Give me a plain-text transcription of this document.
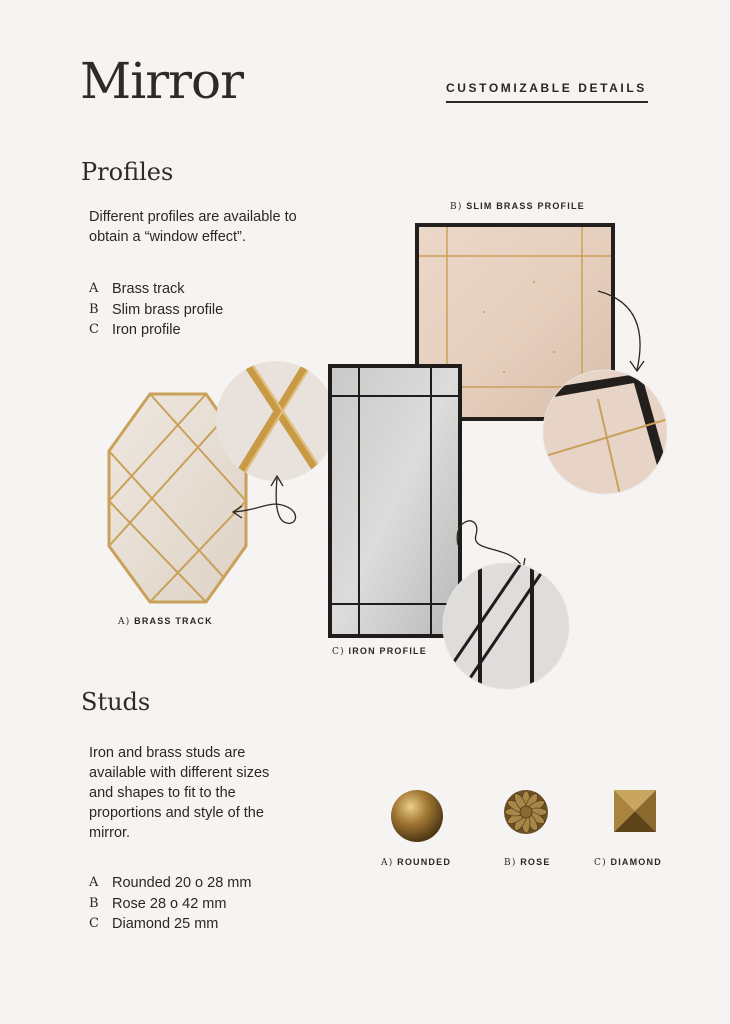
Mirror	CUSTOMIZABLE DETAILS
Profiles
Different profiles are available to obtain a “window effect”.
A Brass track
B Slim brass profile
C Iron profile
B) SLIM BRASS PROFILE
A) BRASS TRACK
C) IRON PROFILE
Studs
Iron and brass studs are
available with different sizes
and shapes to fit to the
proportions and style of the
mirror.
A Rounded 20 o 28 mm
B Rose 28 o 42 mm
C Diamond 25 mm
A) ROUNDED	B) ROSE	C) DIAMOND
